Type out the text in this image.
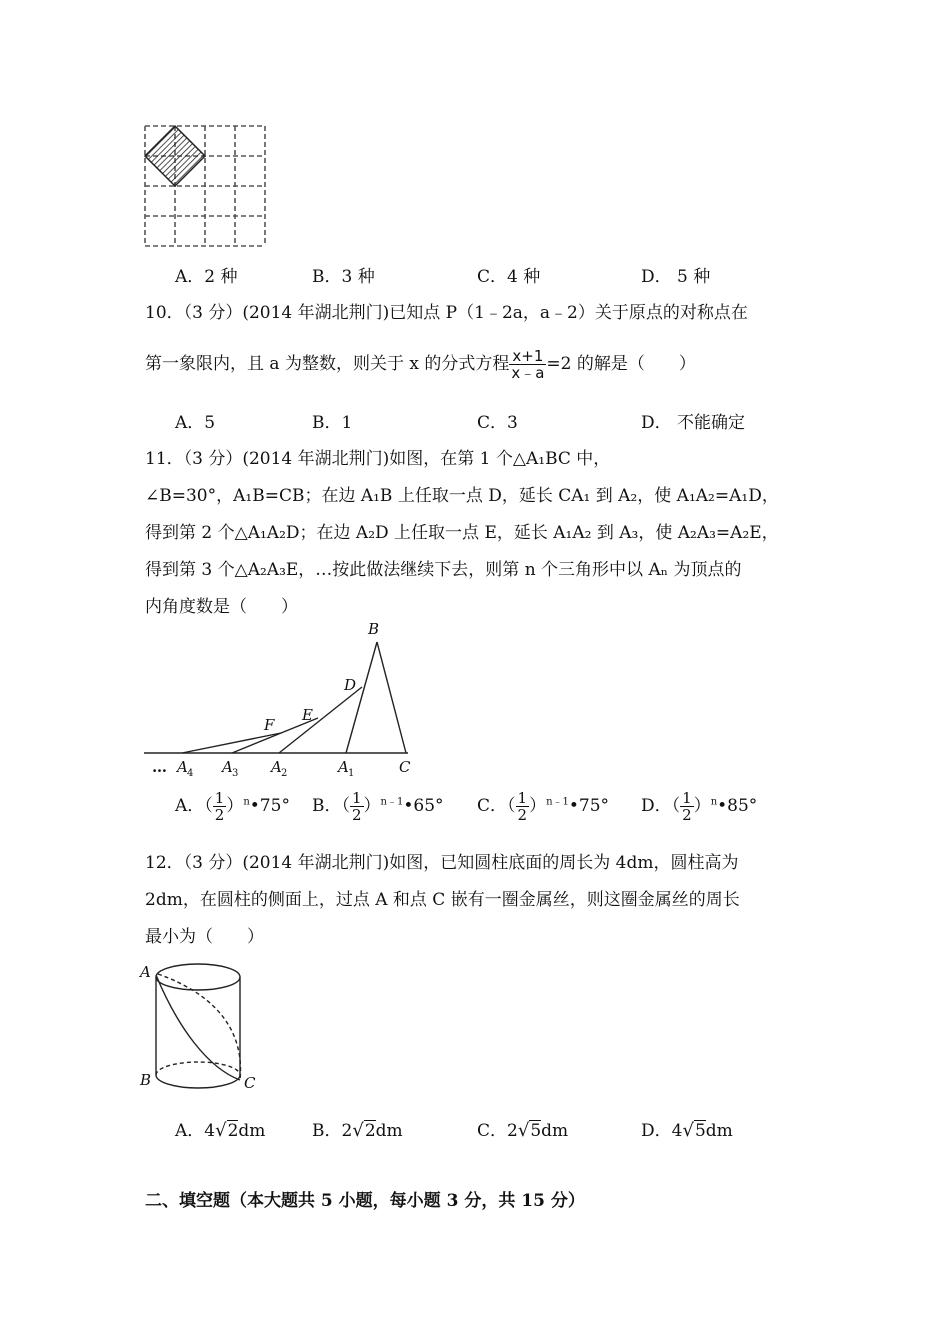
A．2 种	B．3 种	C．4 种	D． 5 种
10．（3 分）(2014 年湖北荆门)已知点 P（1﹣2a，a﹣2）关于原点的对称点在
第一象限内，且 a 为整数，则关于 x 的分式方程 $\frac{x+1}{x﹣a} =2$ 的解是（　　）
A．5	B．1	C．3	D． 不能确定
11．（3 分）(2014 年湖北荆门)如图，在第 1 个△A₁BC 中，
∠B=30°，A₁B=CB；在边 A₁B 上任取一点 D，延长 CA₁ 到 A₂，使 A₁A₂=A₁D，
得到第 2 个△A₁A₂D；在边 A₂D 上任取一点 E，延长 A₁A₂ 到 A₃，使 A₂A₃=A₂E，
得到第 3 个△A₂A₃E，…按此做法继续下去，则第 n 个三角形中以 Aₙ 为顶点的
内角度数是（　　）
B
D
E
F
C
A 1
A 2
A 3
A 4
…
A．（ $\frac{1}{2}$ ）$^n$•75° B．（ $\frac{1}{2}$ ）$^{n﹣1}$•65° C．（ $\frac{1}{2}$ ）$^{n﹣1}$•75° D．（ $\frac{1}{2}$ ）$^n$•85°
12．（3 分）(2014 年湖北荆门)如图，已知圆柱底面的周长为 4dm，圆柱高为
2dm，在圆柱的侧面上，过点 A 和点 C 嵌有一圈金属丝，则这圈金属丝的周长
最小为（　　）
A
B	C
A．4√2dm	B．2√2dm	C．2√5dm	D．4√5dm
二、填空题（本大题共 5 小题，每小题 3 分，共 15 分）
